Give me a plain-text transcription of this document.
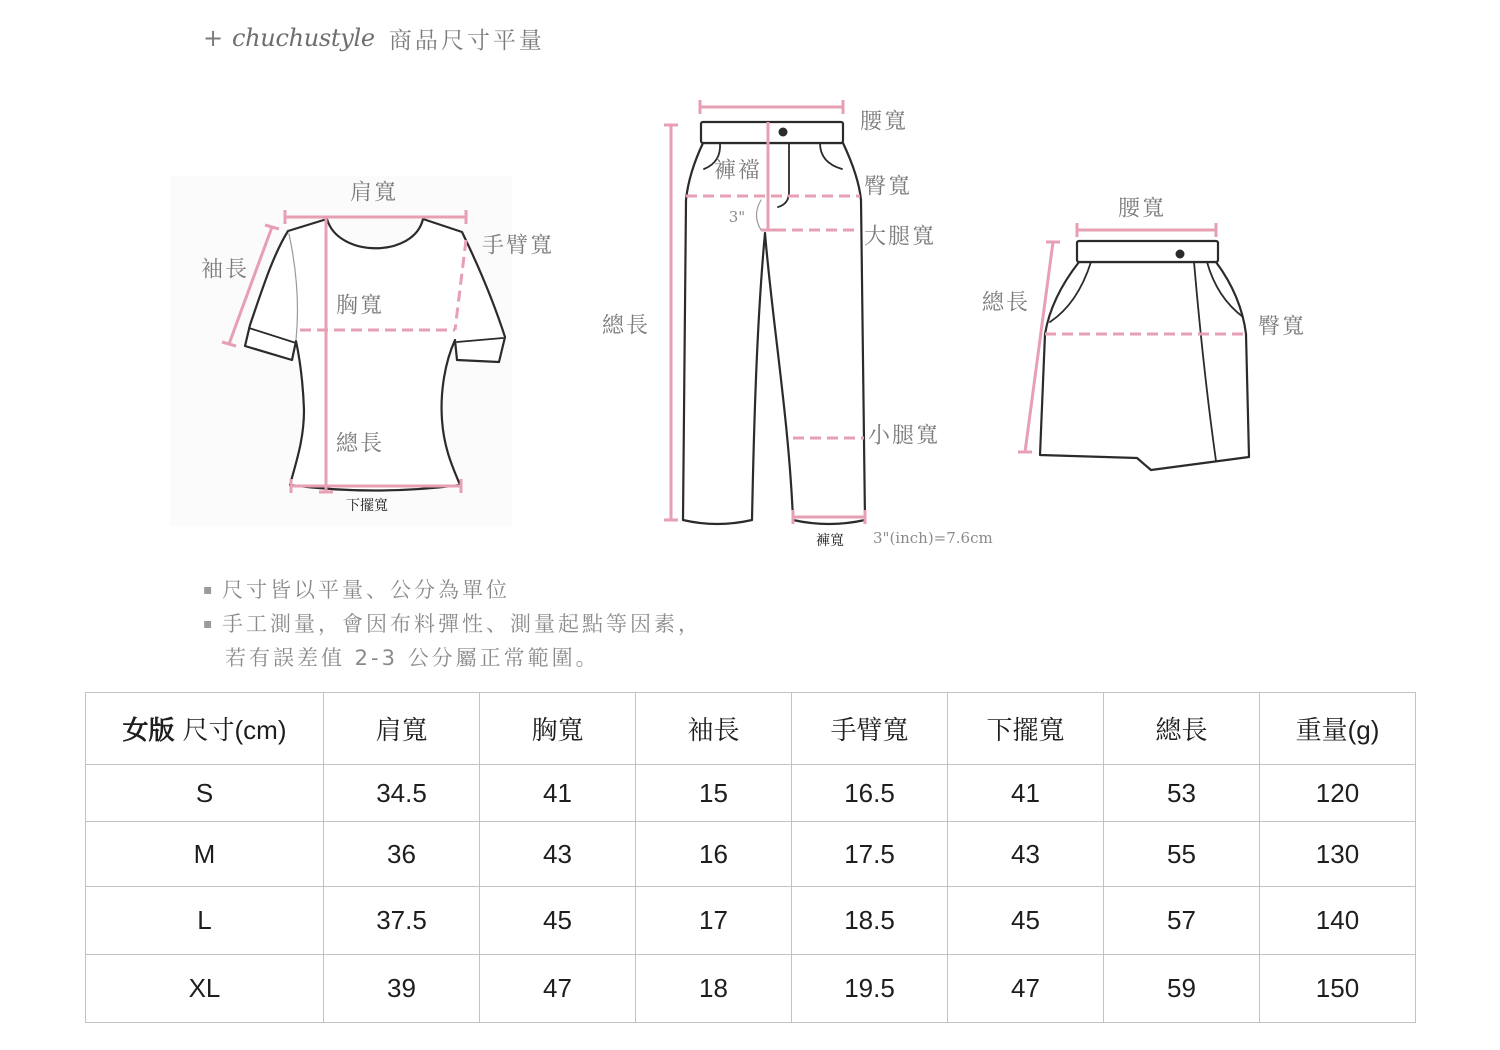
+ chuchustyle 商品尺寸平量
肩寬
手臂寬
袖長
胸寬
總長
下擺寬
腰寬
褲襠
臀寬
3"
大腿寬
總長
小腿寬
褲寬 3"(inch)=7.6cm
腰寬
總長
臀寬
▪ 尺寸皆以平量、公分為單位
▪ 手工測量，會因布料彈性、測量起點等因素，
若有誤差值 2-3 公分屬正常範圍。
女版 尺寸(cm)	肩寬	胸寬	袖長	手臂寬	下擺寬	總長	重量(g)
S	34.5	41	15	16.5	41	53	120
M	36	43	16	17.5	43	55	130
L	37.5	45	17	18.5	45	57	140
XL	39	47	18	19.5	47	59	150
